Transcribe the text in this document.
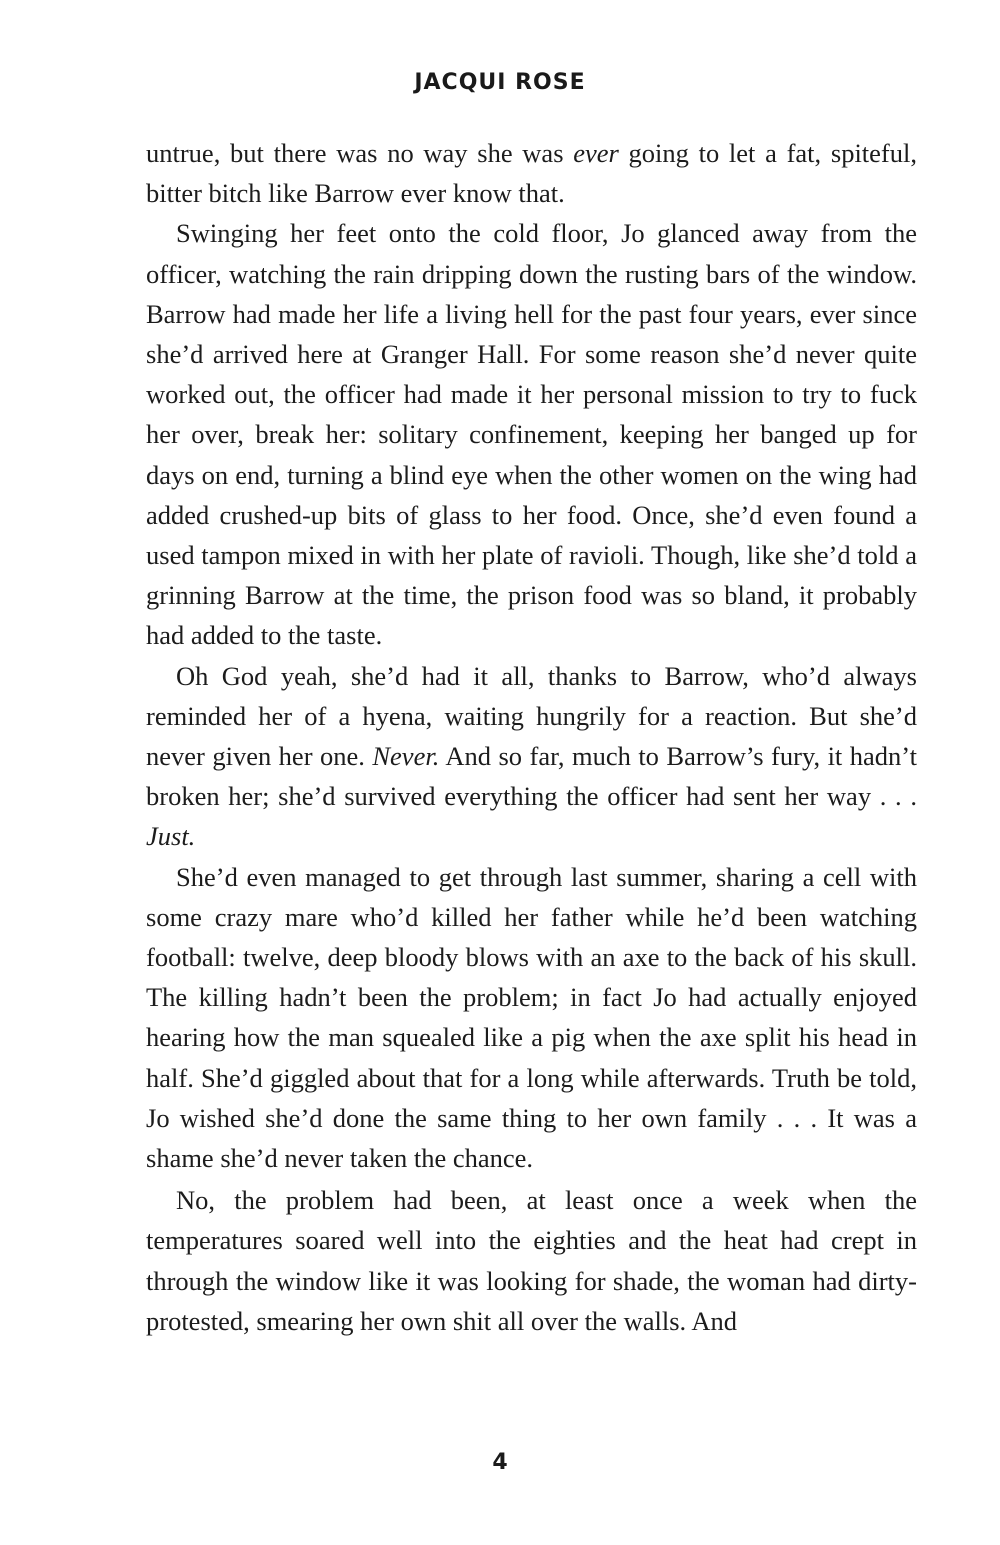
JACQUI ROSE

untrue, but there was no way she was ever going to let a fat, spiteful, bitter bitch like Barrow ever know that.

Swinging her feet onto the cold floor, Jo glanced away from the officer, watching the rain dripping down the rusting bars of the window. Barrow had made her life a living hell for the past four years, ever since she’d arrived here at Granger Hall. For some reason she’d never quite worked out, the officer had made it her personal mission to try to fuck her over, break her: solitary confinement, keeping her banged up for days on end, turning a blind eye when the other women on the wing had added crushed-up bits of glass to her food. Once, she’d even found a used tampon mixed in with her plate of ravioli. Though, like she’d told a grinning Barrow at the time, the prison food was so bland, it probably had added to the taste.

Oh God yeah, she’d had it all, thanks to Barrow, who’d always reminded her of a hyena, waiting hungrily for a reaction. But she’d never given her one. Never. And so far, much to Barrow’s fury, it hadn’t broken her; she’d survived everything the officer had sent her way . . . Just.

She’d even managed to get through last summer, sharing a cell with some crazy mare who’d killed her father while he’d been watching football: twelve, deep bloody blows with an axe to the back of his skull. The killing hadn’t been the problem; in fact Jo had actually enjoyed hearing how the man squealed like a pig when the axe split his head in half. She’d giggled about that for a long while afterwards. Truth be told, Jo wished she’d done the same thing to her own family . . . It was a shame she’d never taken the chance.

No, the problem had been, at least once a week when the temperatures soared well into the eighties and the heat had crept in through the window like it was looking for shade, the woman had dirty-protested, smearing her own shit all over the walls. And

4
